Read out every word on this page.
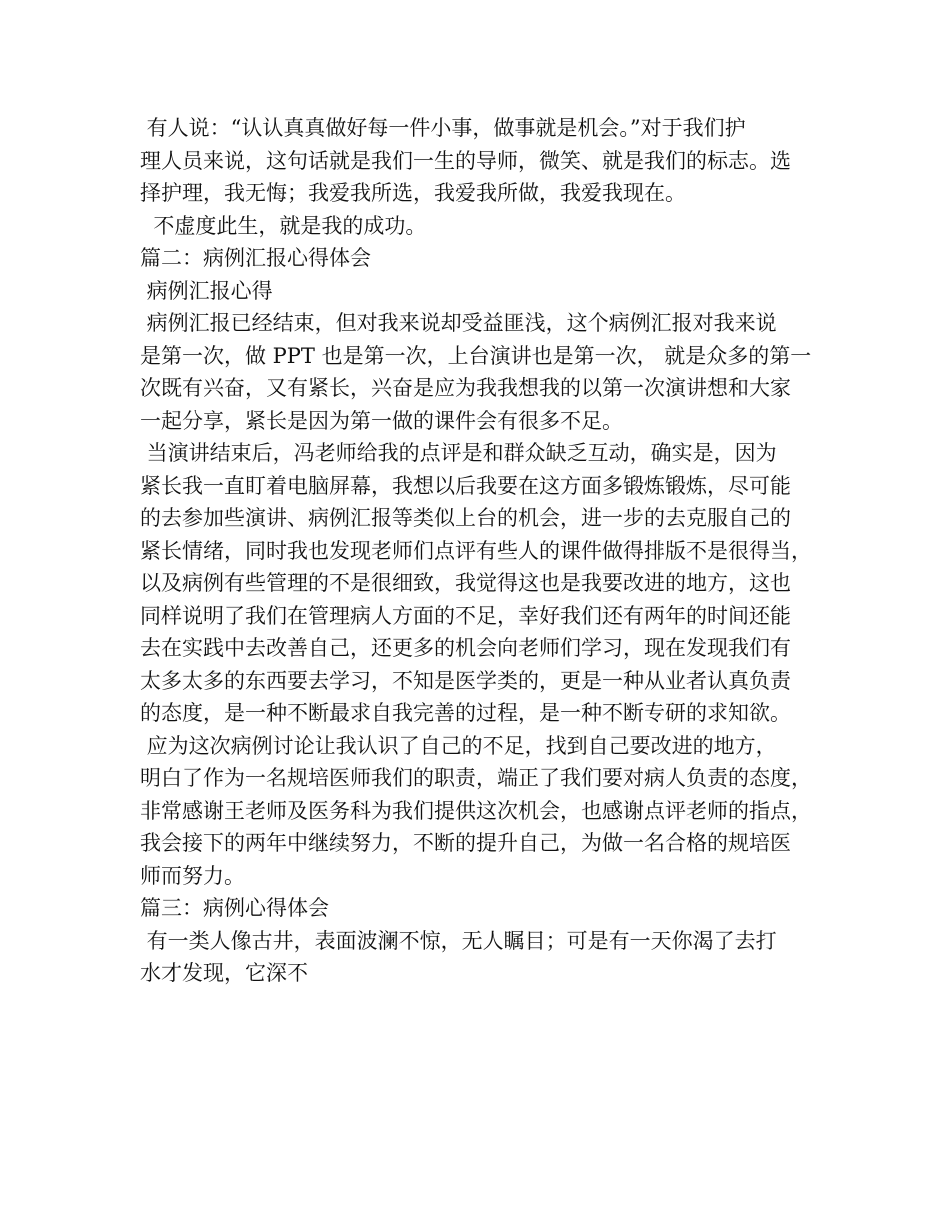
有人说：“认认真真做好每一件小事，做事就是机会。”对于我们护
理人员来说，这句话就是我们一生的导师，微笑、就是我们的标志。选
择护理，我无悔；我爱我所选，我爱我所做，我爱我现在。
不虚度此生，就是我的成功。
篇二：病例汇报心得体会
病例汇报心得
病例汇报已经结束，但对我来说却受益匪浅，这个病例汇报对我来说
是第一次，做 PPT 也是第一次，上台演讲也是第一次， 就是众多的第一
次既有兴奋，又有紧长，兴奋是应为我我想我的以第一次演讲想和大家
一起分享，紧长是因为第一做的课件会有很多不足。
当演讲结束后，冯老师给我的点评是和群众缺乏互动，确实是，因为
紧长我一直盯着电脑屏幕，我想以后我要在这方面多锻炼锻炼，尽可能
的去参加些演讲、病例汇报等类似上台的机会，进一步的去克服自己的
紧长情绪，同时我也发现老师们点评有些人的课件做得排版不是很得当，
以及病例有些管理的不是很细致，我觉得这也是我要改进的地方，这也
同样说明了我们在管理病人方面的不足，幸好我们还有两年的时间还能
去在实践中去改善自己，还更多的机会向老师们学习，现在发现我们有
太多太多的东西要去学习，不知是医学类的，更是一种从业者认真负责
的态度，是一种不断最求自我完善的过程，是一种不断专研的求知欲。
应为这次病例讨论让我认识了自己的不足，找到自己要改进的地方，
明白了作为一名规培医师我们的职责，端正了我们要对病人负责的态度，
非常感谢王老师及医务科为我们提供这次机会，也感谢点评老师的指点，
我会接下的两年中继续努力，不断的提升自己，为做一名合格的规培医
师而努力。
篇三：病例心得体会
有一类人像古井，表面波澜不惊，无人瞩目；可是有一天你渴了去打
水才发现，它深不
